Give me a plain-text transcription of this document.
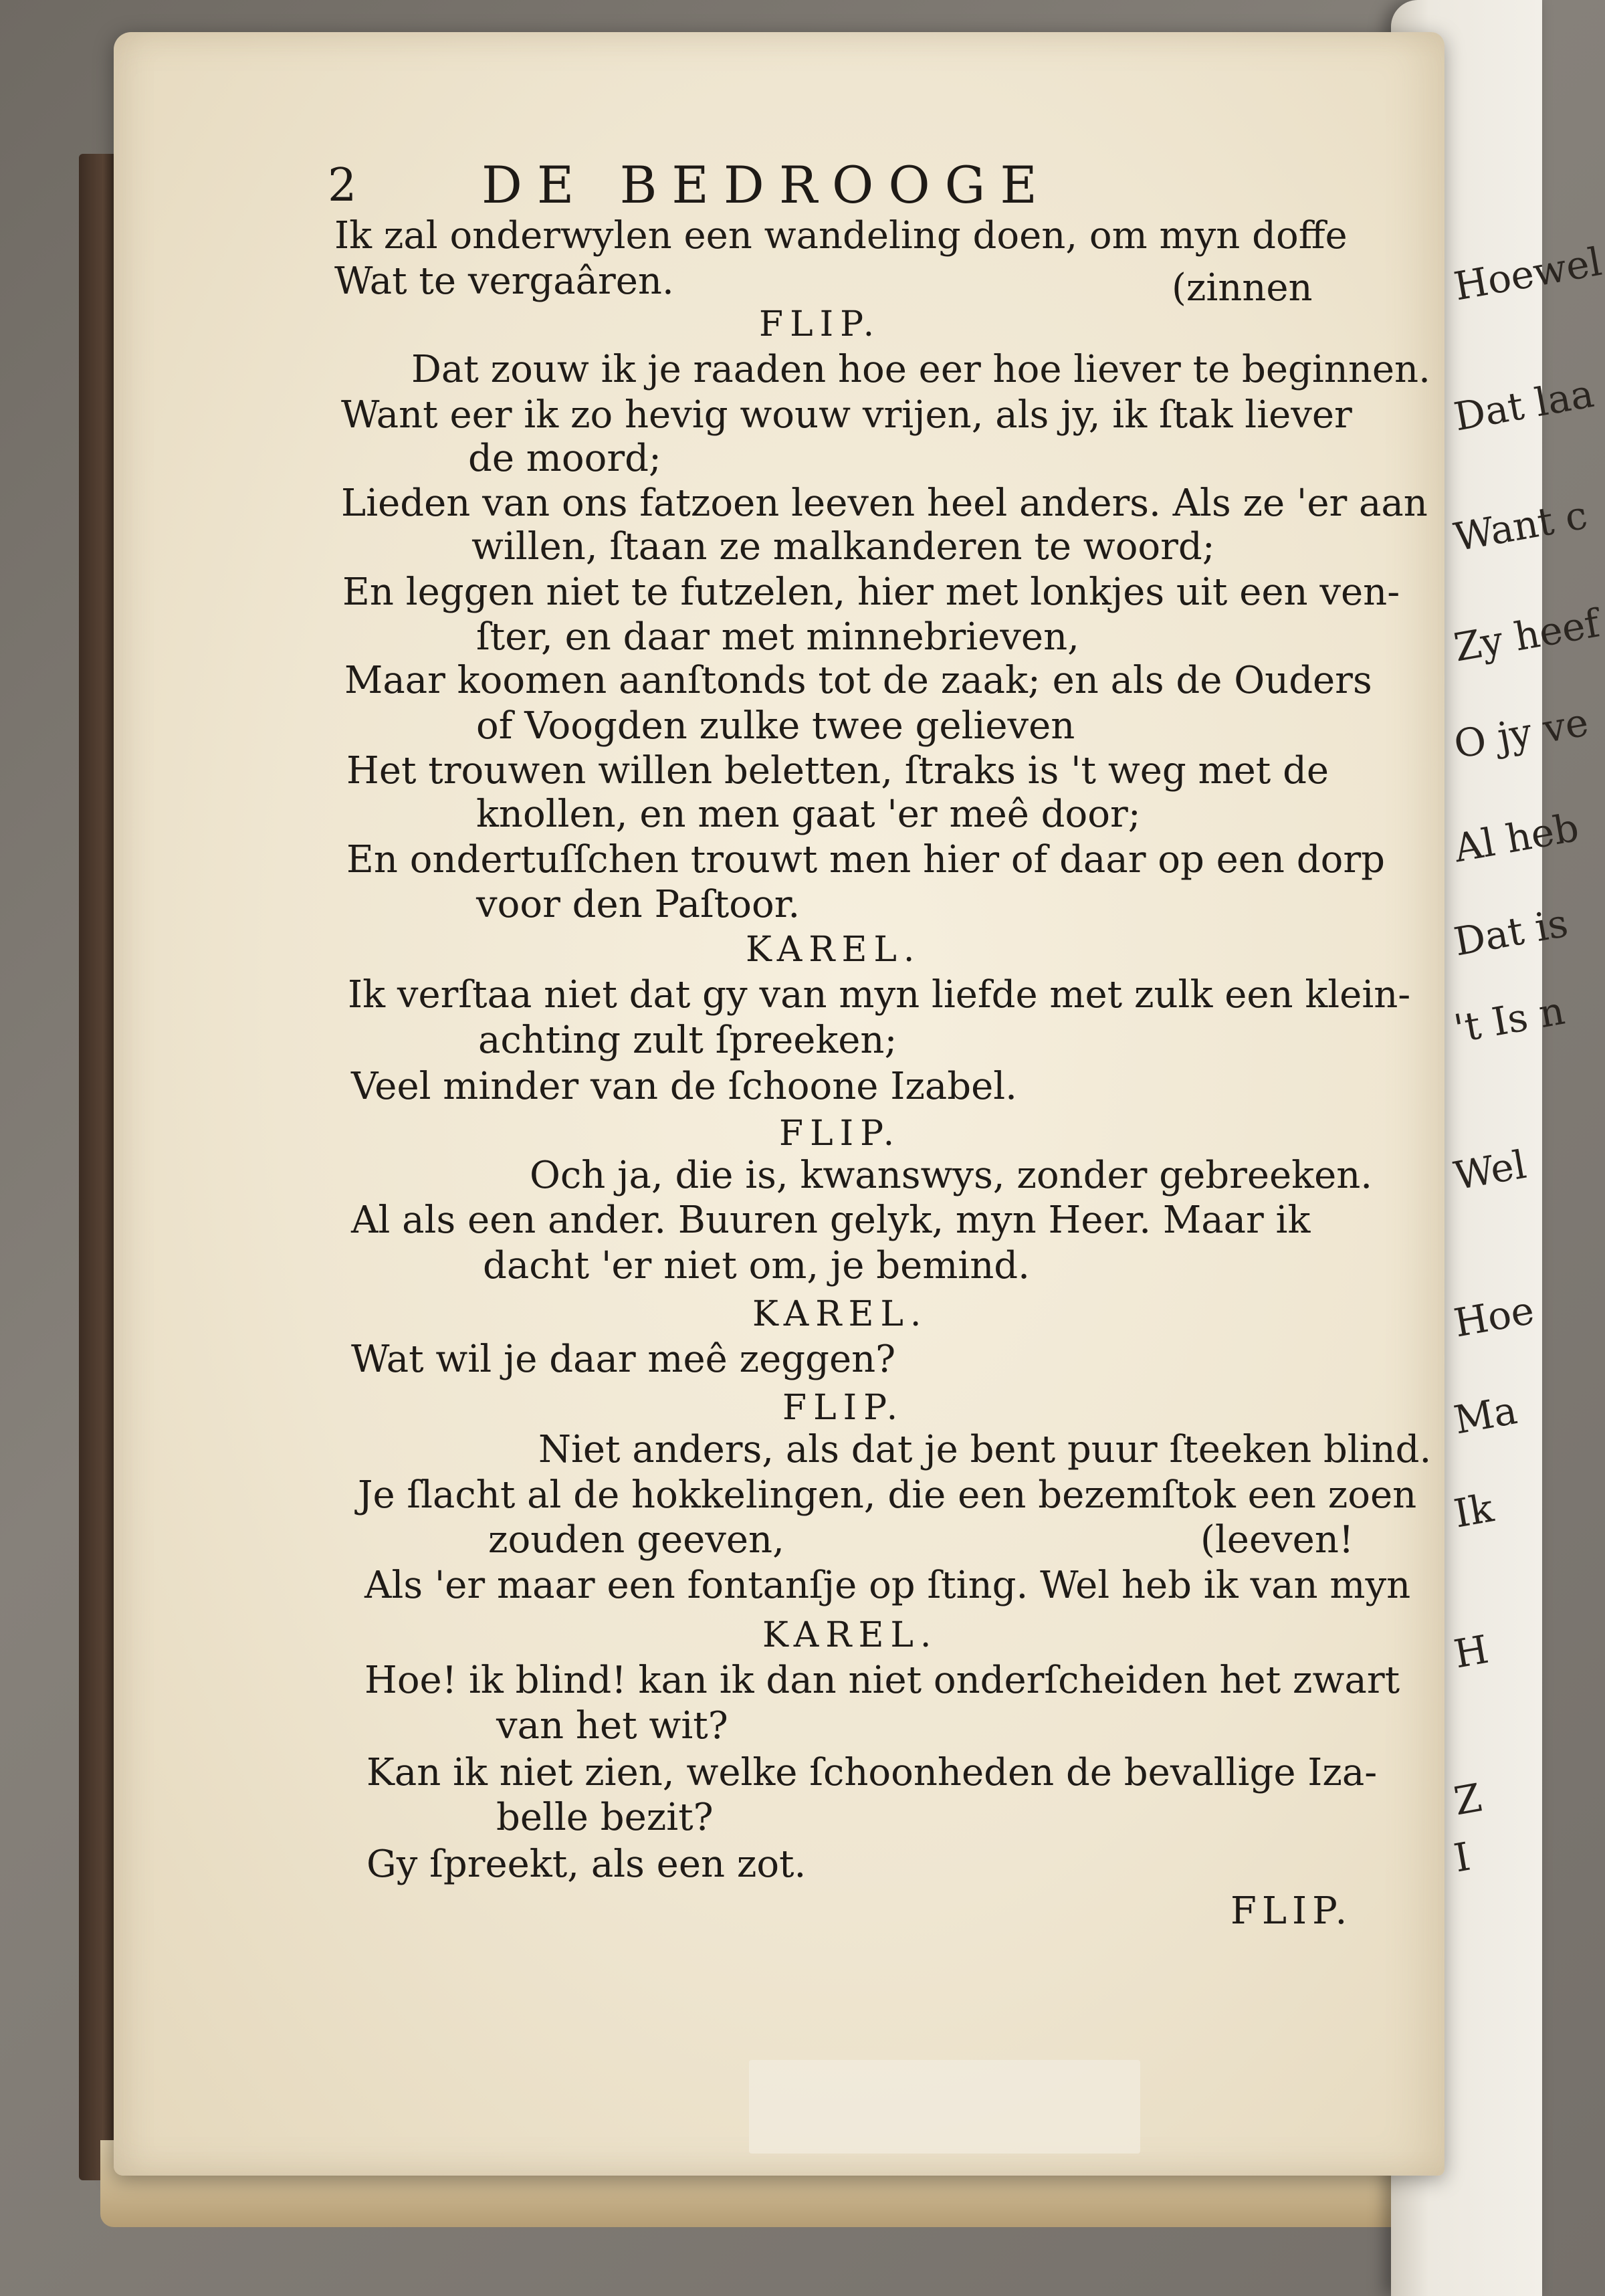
Hoewel
Dat laa
Want c
Zy heef
O jy ve
Al heb
Dat is
't Is n
Wel
Hoe
Ma
Ik
H
Z
I
2 DE BEDROOGE
Ik zal onderwylen een wandeling doen, om myn doffe
Wat te vergaâren.	(zinnen
FLIP.
Dat zouw ik je raaden hoe eer hoe liever te beginnen.
Want eer ik zo hevig wouw vrijen, als jy, ik ſtak liever
de moord;
Lieden van ons fatzoen leeven heel anders. Als ze 'er aan
willen, ſtaan ze malkanderen te woord;
En leggen niet te futzelen, hier met lonkjes uit een ven-
ſter, en daar met minnebrieven,
Maar koomen aanſtonds tot de zaak; en als de Ouders
of Voogden zulke twee gelieven
Het trouwen willen beletten, ſtraks is 't weg met de
knollen, en men gaat 'er meê door;
En ondertuſſchen trouwt men hier of daar op een dorp
voor den Paſtoor.
KAREL.
Ik verſtaa niet dat gy van myn liefde met zulk een klein-
achting zult ſpreeken;
Veel minder van de ſchoone Izabel.
FLIP.
Och ja, die is, kwanswys, zonder gebreeken.
Al als een ander. Buuren gelyk, myn Heer. Maar ik
dacht 'er niet om, je bemind.
KAREL.
Wat wil je daar meê zeggen?
FLIP.
Niet anders, als dat je bent puur ſteeken blind.
Je ſlacht al de hokkelingen, die een bezemſtok een zoen
zouden geeven,	(leeven!
Als 'er maar een fontanſje op ſting. Wel heb ik van myn
KAREL.
Hoe! ik blind! kan ik dan niet onderſcheiden het zwart
van het wit?
Kan ik niet zien, welke ſchoonheden de bevallige Iza-
belle bezit?
Gy ſpreekt, als een zot.
FLIP.
